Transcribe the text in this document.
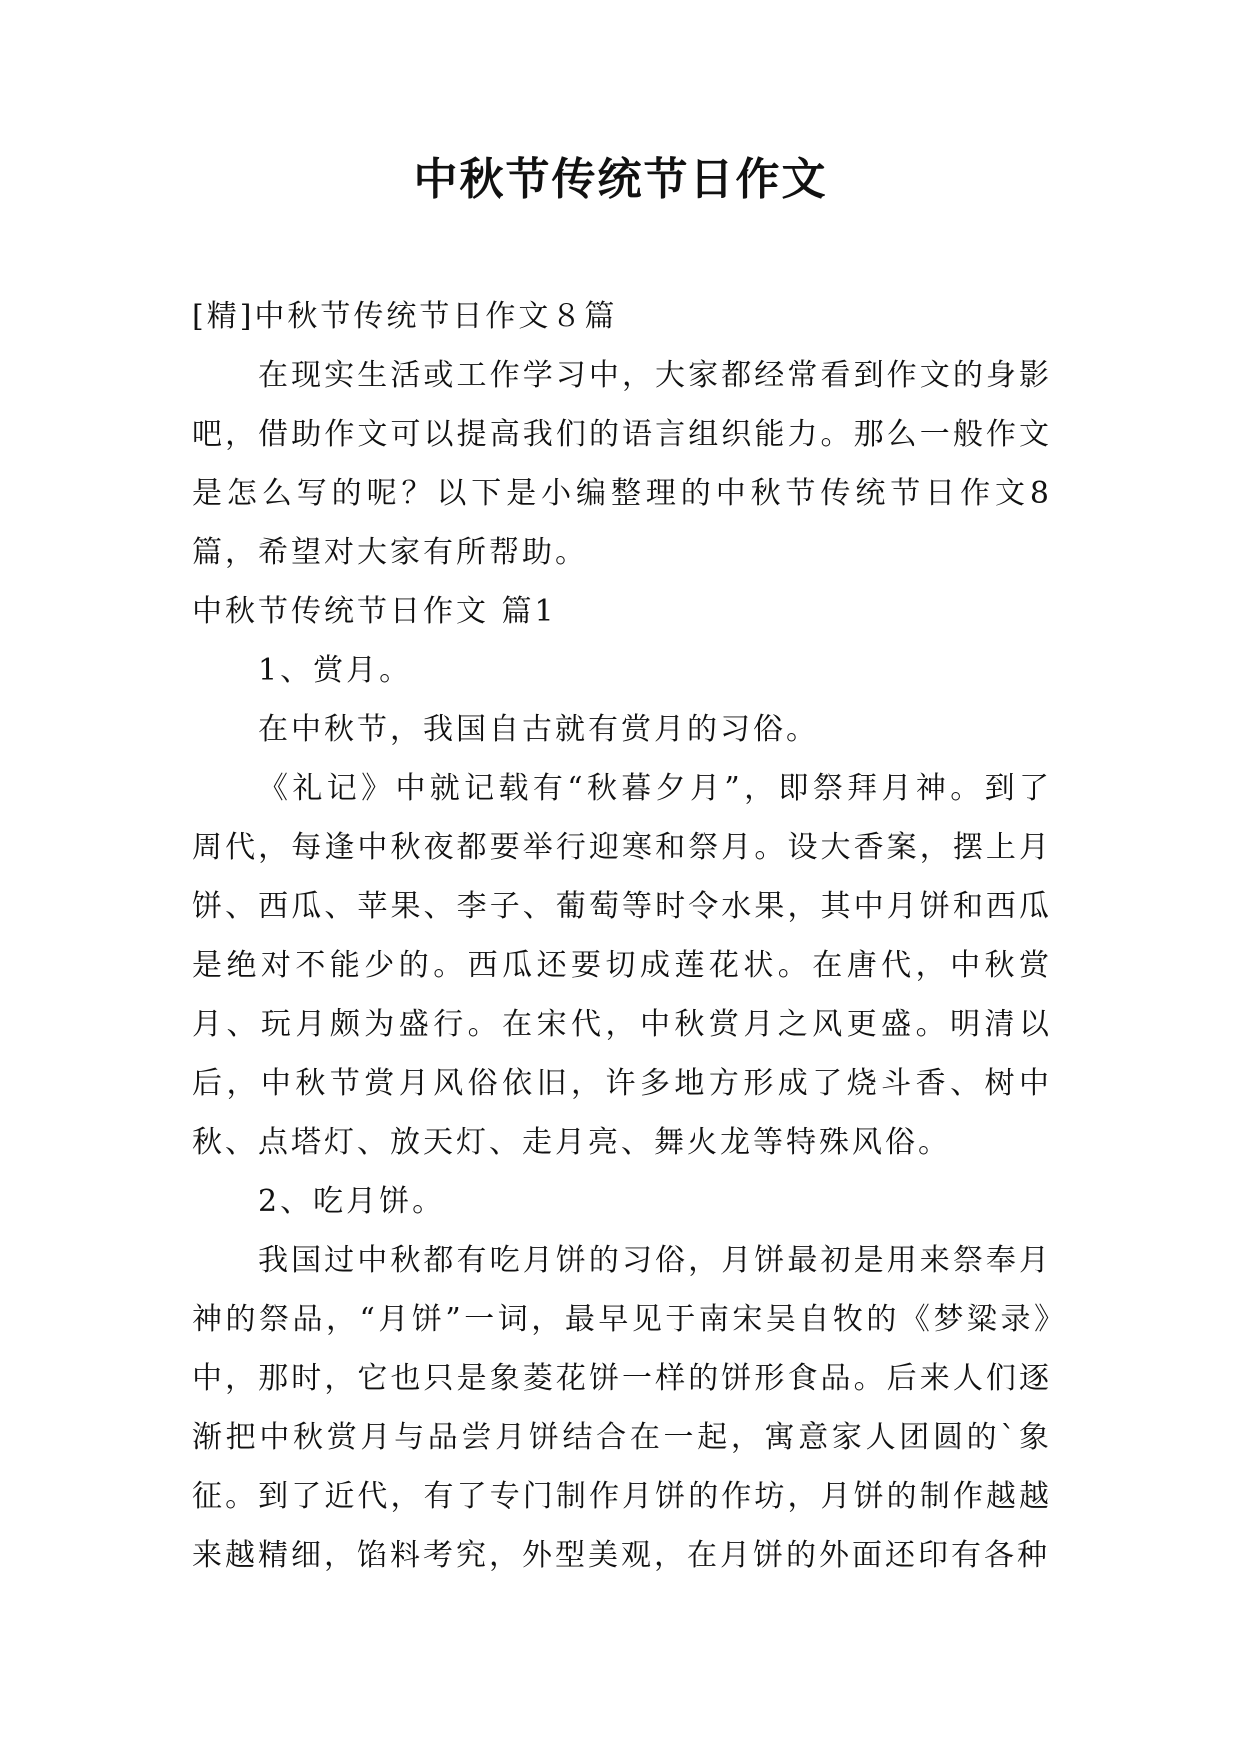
中秋节传统节日作文

[精]中秋节传统节日作文８篇

在现实生活或工作学习中，大家都经常看到作文的身影吧，借助作文可以提高我们的语言组织能力。那么一般作文是怎么写的呢？以下是小编整理的中秋节传统节日作文8篇，希望对大家有所帮助。

中秋节传统节日作文 篇1

1、赏月。

在中秋节，我国自古就有赏月的习俗。

《礼记》中就记载有“秋暮夕月”，即祭拜月神。到了周代，每逢中秋夜都要举行迎寒和祭月。设大香案，摆上月饼、西瓜、苹果、李子、葡萄等时令水果，其中月饼和西瓜是绝对不能少的。西瓜还要切成莲花状。在唐代，中秋赏月、玩月颇为盛行。在宋代，中秋赏月之风更盛。明清以后，中秋节赏月风俗依旧，许多地方形成了烧斗香、树中秋、点塔灯、放天灯、走月亮、舞火龙等特殊风俗。

2、吃月饼。

我国过中秋都有吃月饼的习俗，月饼最初是用来祭奉月神的祭品，“月饼”一词，最早见于南宋吴自牧的《梦粱录》中，那时，它也只是象菱花饼一样的饼形食品。后来人们逐渐把中秋赏月与品尝月饼结合在一起，寓意家人团圆的`象征。到了近代，有了专门制作月饼的作坊，月饼的制作越越来越精细，馅料考究，外型美观，在月饼的外面还印有各种
